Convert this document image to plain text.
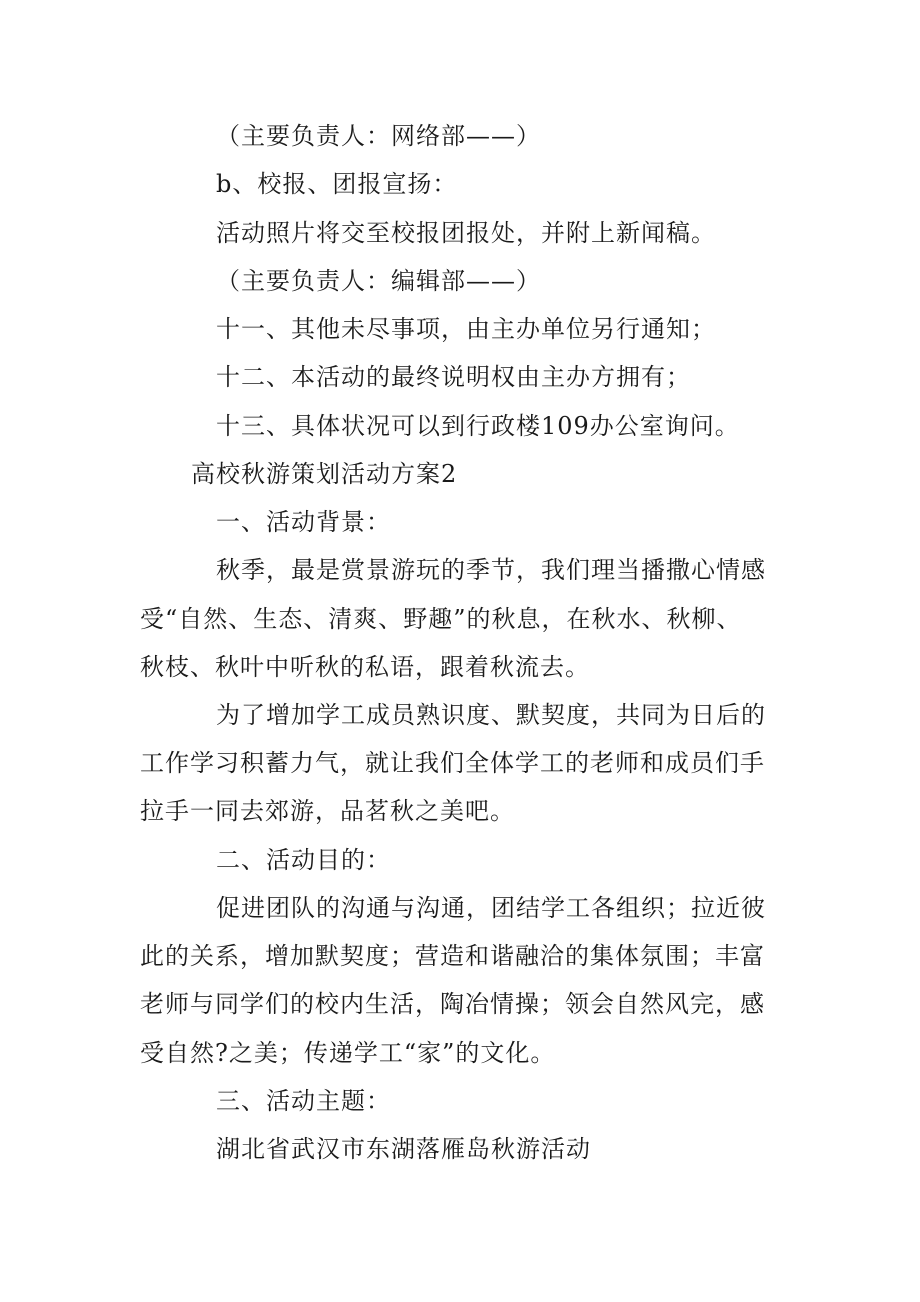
（主要负责人：网络部——）
b、校报、团报宣扬：
活动照片将交至校报团报处，并附上新闻稿。
（主要负责人：编辑部——）
十一、其他未尽事项，由主办单位另行通知；
十二、本活动的最终说明权由主办方拥有；
十三、具体状况可以到行政楼109办公室询问。
高校秋游策划活动方案2
一、活动背景：
秋季，最是赏景游玩的季节，我们理当播撒心情感
受“自然、生态、清爽、野趣”的秋息，在秋水、秋柳、
秋枝、秋叶中听秋的私语，跟着秋流去。
为了增加学工成员熟识度、默契度，共同为日后的
工作学习积蓄力气，就让我们全体学工的老师和成员们手
拉手一同去郊游，品茗秋之美吧。
二、活动目的：
促进团队的沟通与沟通，团结学工各组织；拉近彼
此的关系，增加默契度；营造和谐融洽的集体氛围；丰富
老师与同学们的校内生活，陶冶情操；领会自然风完，感
受自然?之美；传递学工“家”的文化。
三、活动主题：
湖北省武汉市东湖落雁岛秋游活动
